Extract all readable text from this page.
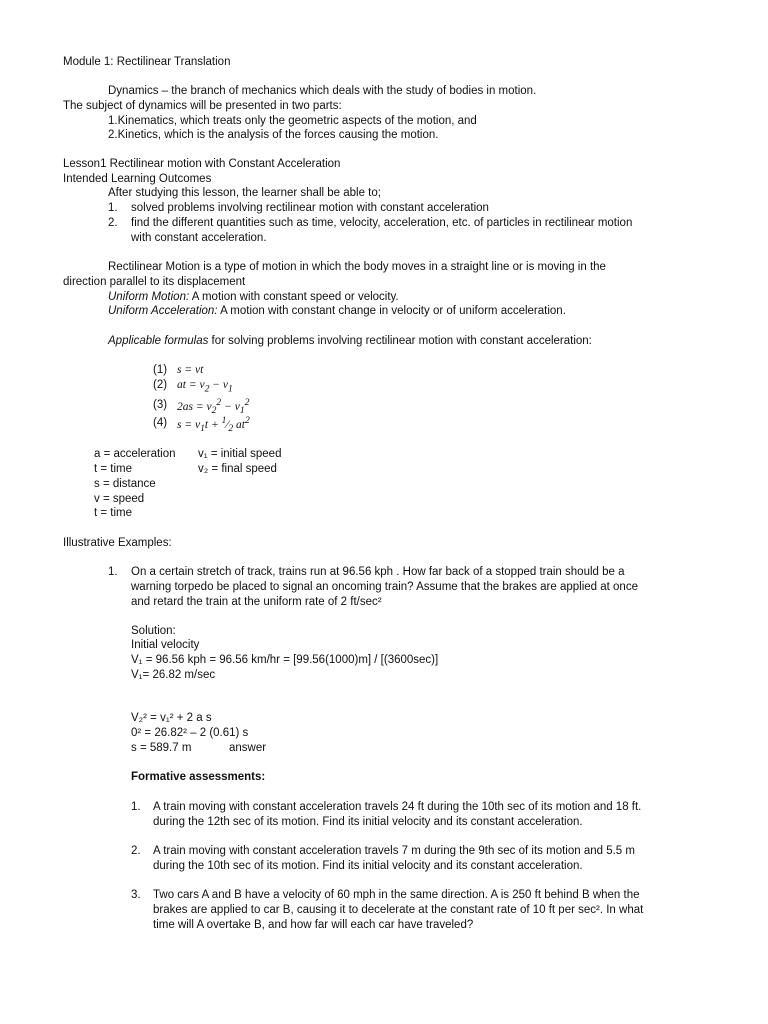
Module 1: Rectilinear Translation
Dynamics – the branch of mechanics which deals with the study of bodies in motion.
The subject of dynamics will be presented in two parts:
1.Kinematics, which treats only the geometric aspects of the motion, and
2.Kinetics, which is the analysis of the forces causing the motion.
Lesson1 Rectilinear motion with Constant Acceleration
Intended Learning Outcomes
After studying this lesson, the learner shall be able to;
1. solved problems involving rectilinear motion with constant acceleration
2. find the different quantities such as time, velocity, acceleration, etc. of particles in rectilinear motion
with constant acceleration.
Rectilinear Motion is a type of motion in which the body moves in a straight line or is moving in the
direction parallel to its displacement
Uniform Motion: A motion with constant speed or velocity.
Uniform Acceleration: A motion with constant change in velocity or of uniform acceleration.
Applicable formulas for solving problems involving rectilinear motion with constant acceleration:
(1) s = vt
(2) at = $v_2 - v_1$
(3) $2as = v_2^2 - v_1^2$
(4) $s = v_1t$ + $^1⁄_2$ $at^2$
a = acceleration
t = time
s = distance
v = speed
t = time
v₁ = initial speed
v₂ = final speed
Illustrative Examples:
1. On a certain stretch of track, trains run at 96.56 kph . How far back of a stopped train should be a
warning torpedo be placed to signal an oncoming train? Assume that the brakes are applied at once
and retard the train at the uniform rate of 2 ft/sec²
Solution:
Initial velocity
V₁ = 96.56 kph = 96.56 km/hr = [99.56(1000)m] / [(3600sec)]
V₁= 26.82 m/sec
V₂² = v₁² + 2 a s
0² = 26.82² – 2 (0.61) s
s = 589.7 m	answer
Formative assessments:
1. A train moving with constant acceleration travels 24 ft during the 10th sec of its motion and 18 ft.
during the 12th sec of its motion. Find its initial velocity and its constant acceleration.
2. A train moving with constant acceleration travels 7 m during the 9th sec of its motion and 5.5 m
during the 10th sec of its motion. Find its initial velocity and its constant acceleration.
3. Two cars A and B have a velocity of 60 mph in the same direction. A is 250 ft behind B when the
brakes are applied to car B, causing it to decelerate at the constant rate of 10 ft per sec². In what
time will A overtake B, and how far will each car have traveled?
